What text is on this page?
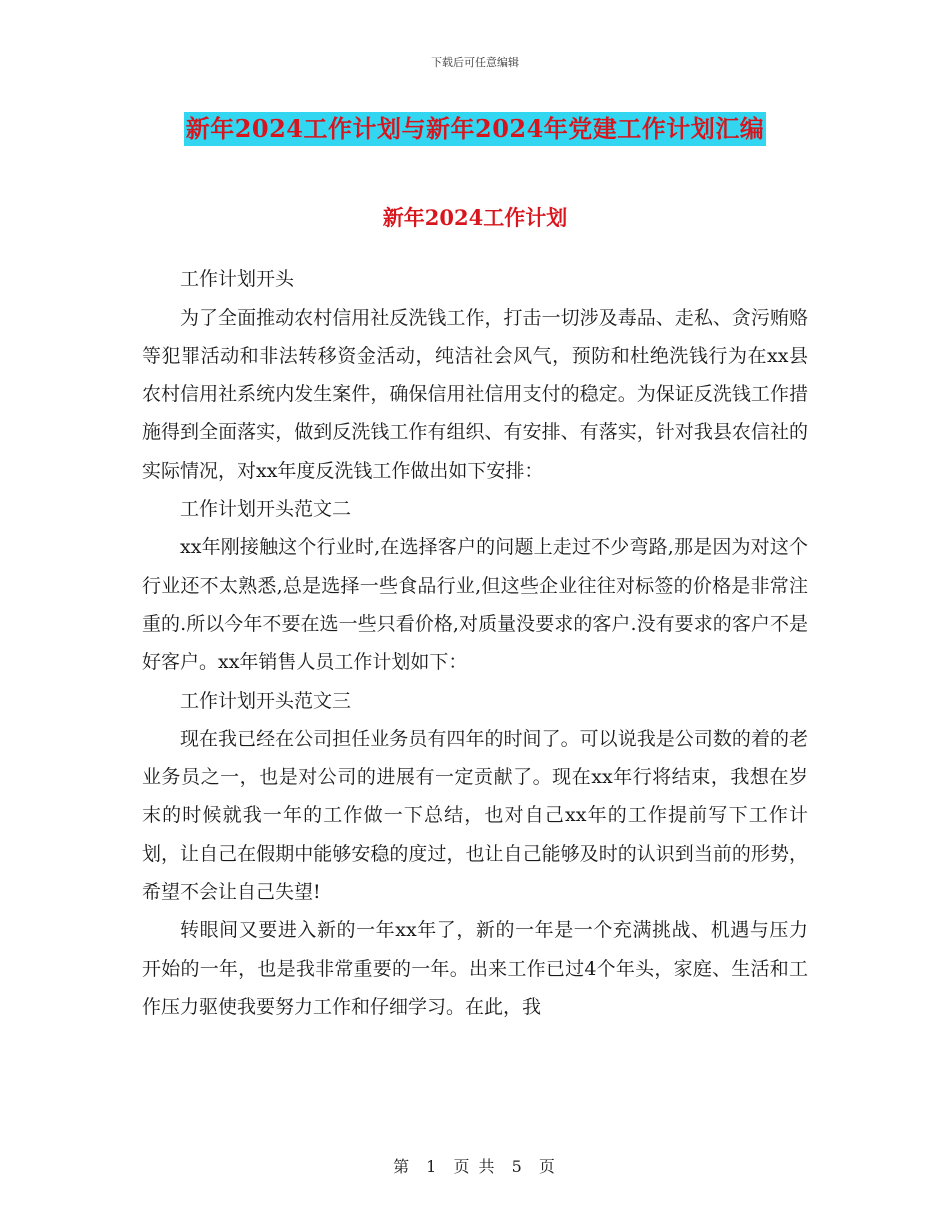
下载后可任意编辑
新年2024工作计划与新年2024年党建工作计划汇编
新年2024工作计划

工作计划开头

为了全面推动农村信用社反洗钱工作，打击一切涉及毒品、走私、贪污贿赂等犯罪活动和非法转移资金活动，纯洁社会风气，预防和杜绝洗钱行为在xx县农村信用社系统内发生案件，确保信用社信用支付的稳定。为保证反洗钱工作措施得到全面落实，做到反洗钱工作有组织、有安排、有落实，针对我县农信社的实际情况，对xx年度反洗钱工作做出如下安排：

工作计划开头范文二

xx年刚接触这个行业时,在选择客户的问题上走过不少弯路,那是因为对这个行业还不太熟悉,总是选择一些食品行业,但这些企业往往对标签的价格是非常注重的.所以今年不要在选一些只看价格,对质量没要求的客户.没有要求的客户不是好客户。xx年销售人员工作计划如下：

工作计划开头范文三

现在我已经在公司担任业务员有四年的时间了。可以说我是公司数的着的老业务员之一，也是对公司的进展有一定贡献了。现在xx年行将结束，我想在岁末的时候就我一年的工作做一下总结，也对自己xx年的工作提前写下工作计划，让自己在假期中能够安稳的度过，也让自己能够及时的认识到当前的形势，希望不会让自己失望!

转眼间又要进入新的一年xx年了，新的一年是一个充满挑战、机遇与压力开始的一年，也是我非常重要的一年。出来工作已过4个年头，家庭、生活和工作压力驱使我要努力工作和仔细学习。在此，我

第 1 页 共 5 页
